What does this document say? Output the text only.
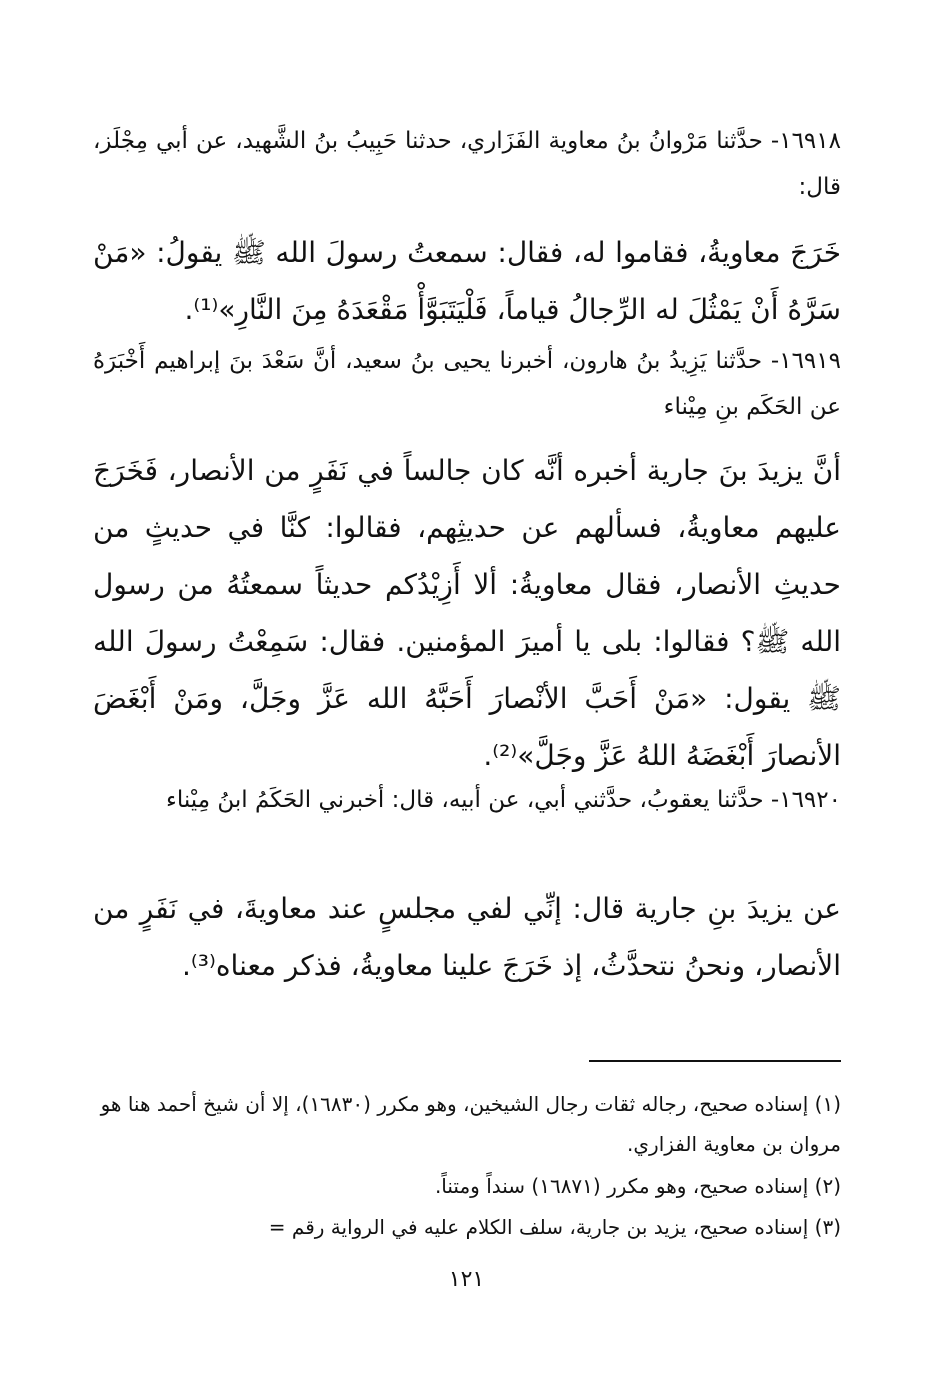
١٦٩١٨- حدَّثنا مَرْوانُ بنُ معاوية الفَزَاري، حدثنا حَبِيبُ بنُ الشَّهيد، عن أبي مِجْلَز، قال:

خَرَجَ معاويةُ، فقاموا له، فقال: سمعتُ رسولَ الله ﷺ يقولُ: «مَنْ سَرَّهُ أَنْ يَمْثُلَ له الرِّجالُ قياماً، فَلْيَتَبَوَّأْ مَقْعَدَهُ مِنَ النَّارِ»⁽¹⁾.

١٦٩١٩- حدَّثنا يَزِيدُ بنُ هارون، أخبرنا يحيى بنُ سعيد، أنَّ سَعْدَ بنَ إبراهيم أَخْبَرَهُ عن الحَكَم بنِ مِيْناء

أنَّ يزيدَ بنَ جارية أخبره أنَّه كان جالساً في نَفَرٍ من الأنصار، فَخَرَجَ عليهم معاويةُ، فسألهم عن حديثِهم، فقالوا: كنَّا في حديثٍ من حديثِ الأنصار، فقال معاويةُ: ألا أَزِيْدُكم حديثاً سمعتُهُ من رسول الله ﷺ؟ فقالوا: بلى يا أميرَ المؤمنين. فقال: سَمِعْتُ رسولَ الله ﷺ يقول: «مَنْ أَحَبَّ الأنْصارَ أَحَبَّهُ الله عَزَّ وجَلَّ، ومَنْ أَبْغَضَ الأنصارَ أَبْغَضَهُ اللهُ عَزَّ وجَلَّ»⁽²⁾.

١٦٩٢٠- حدَّثنا يعقوبُ، حدَّثني أبي، عن أبيه، قال: أخبرني الحَكَمُ ابنُ مِيْناء

عن يزيدَ بنِ جارية قال: إنِّي لفي مجلسٍ عند معاويةَ، في نَفَرٍ من الأنصار، ونحنُ نتحدَّثُ، إذ خَرَجَ علينا معاويةُ، فذكر معناه⁽³⁾.

(١) إسناده صحيح، رجاله ثقات رجال الشيخين، وهو مكرر (١٦٨٣٠)، إلا أن شيخ أحمد هنا هو مروان بن معاوية الفزاري.

(٢) إسناده صحيح، وهو مكرر (١٦٨٧١) سنداً ومتناً.

(٣) إسناده صحيح، يزيد بن جارية، سلف الكلام عليه في الرواية رقم =

١٢١
